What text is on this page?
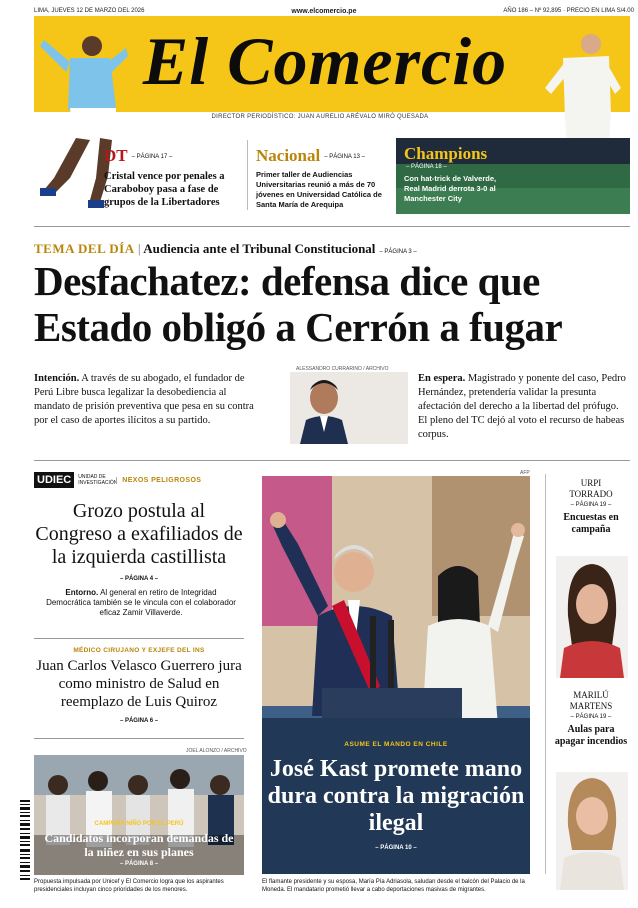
LIMA, JUEVES 12 DE MARZO DEL 2026	www.elcomercio.pe	AÑO 186 – Nº 92,895 · PRECIO EN LIMA S/4.00
El Comercio
DIRECTOR PERIODÍSTICO: JUAN AURELIO ARÉVALO MIRÓ QUESADA
DT – PÁGINA 17 –
Cristal vence por penales a Caraboboy pasa a fase de grupos de la Libertadores
Nacional – PÁGINA 13 –
Primer taller de Audiencias Universitarias reunió a más de 70 jóvenes en Universidad Católica de Santa María de Arequipa
Champions
– PÁGINA 18 –
Con hat-trick de Valverde, Real Madrid derrota 3-0 al Manchester City
TEMA DEL DÍA | Audiencia ante el Tribunal Constitucional – PÁGINA 3 –
Desfachatez: defensa dice que
Estado obligó a Cerrón a fugar
Intención. A través de su abogado, el fundador de Perú Libre busca legalizar la desobediencia al mandato de prisión preventiva que pesa en su contra por el caso de aportes ilícitos a su partido.
ALESSANDRO CURRARINO / ARCHIVO
En espera. Magistrado y ponente del caso, Pedro Hernández, pretendería validar la presunta afectación del derecho a la libertad del prófugo. El pleno del TC dejó al voto el recurso de habeas corpus.
UDIEC	UNIDAD DE INVESTIGACIÓN NEXOS PELIGROSOS
Grozo postula al Congreso a exafiliados de la izquierda castillista
– PÁGINA 4 –
Entorno. Al general en retiro de Integridad Democrática también se le vincula con el colaborador eficaz Zamir Villaverde.
MÉDICO CIRUJANO Y EXJEFE DEL INS
Juan Carlos Velasco Guerrero jura como ministro de Salud en reemplazo de Luis Quiroz
– PÁGINA 6 –
JOEL ALONZO / ARCHIVO
CAMPAÑA NIÑO POR EL PERÚ
Candidatos incorporan demandas de la niñez en sus planes
– PÁGINA 8 –
Propuesta impulsada por Unicef y El Comercio logra que los aspirantes presidenciales incluyan cinco prioridades de los menores.
AFP
ASUME EL MANDO EN CHILE
José Kast promete mano dura contra la migración ilegal
– PÁGINA 10 –
El flamante presidente y su esposa, María Pía Adriasola, saludan desde el balcón del Palacio de la Moneda. El mandatario prometió llevar a cabo deportaciones masivas de migrantes.
URPI
TORRADO
– PÁGINA 19 –
Encuestas en campaña
MARILÚ
MARTENS
– PÁGINA 19 –
Aulas para apagar incendios
